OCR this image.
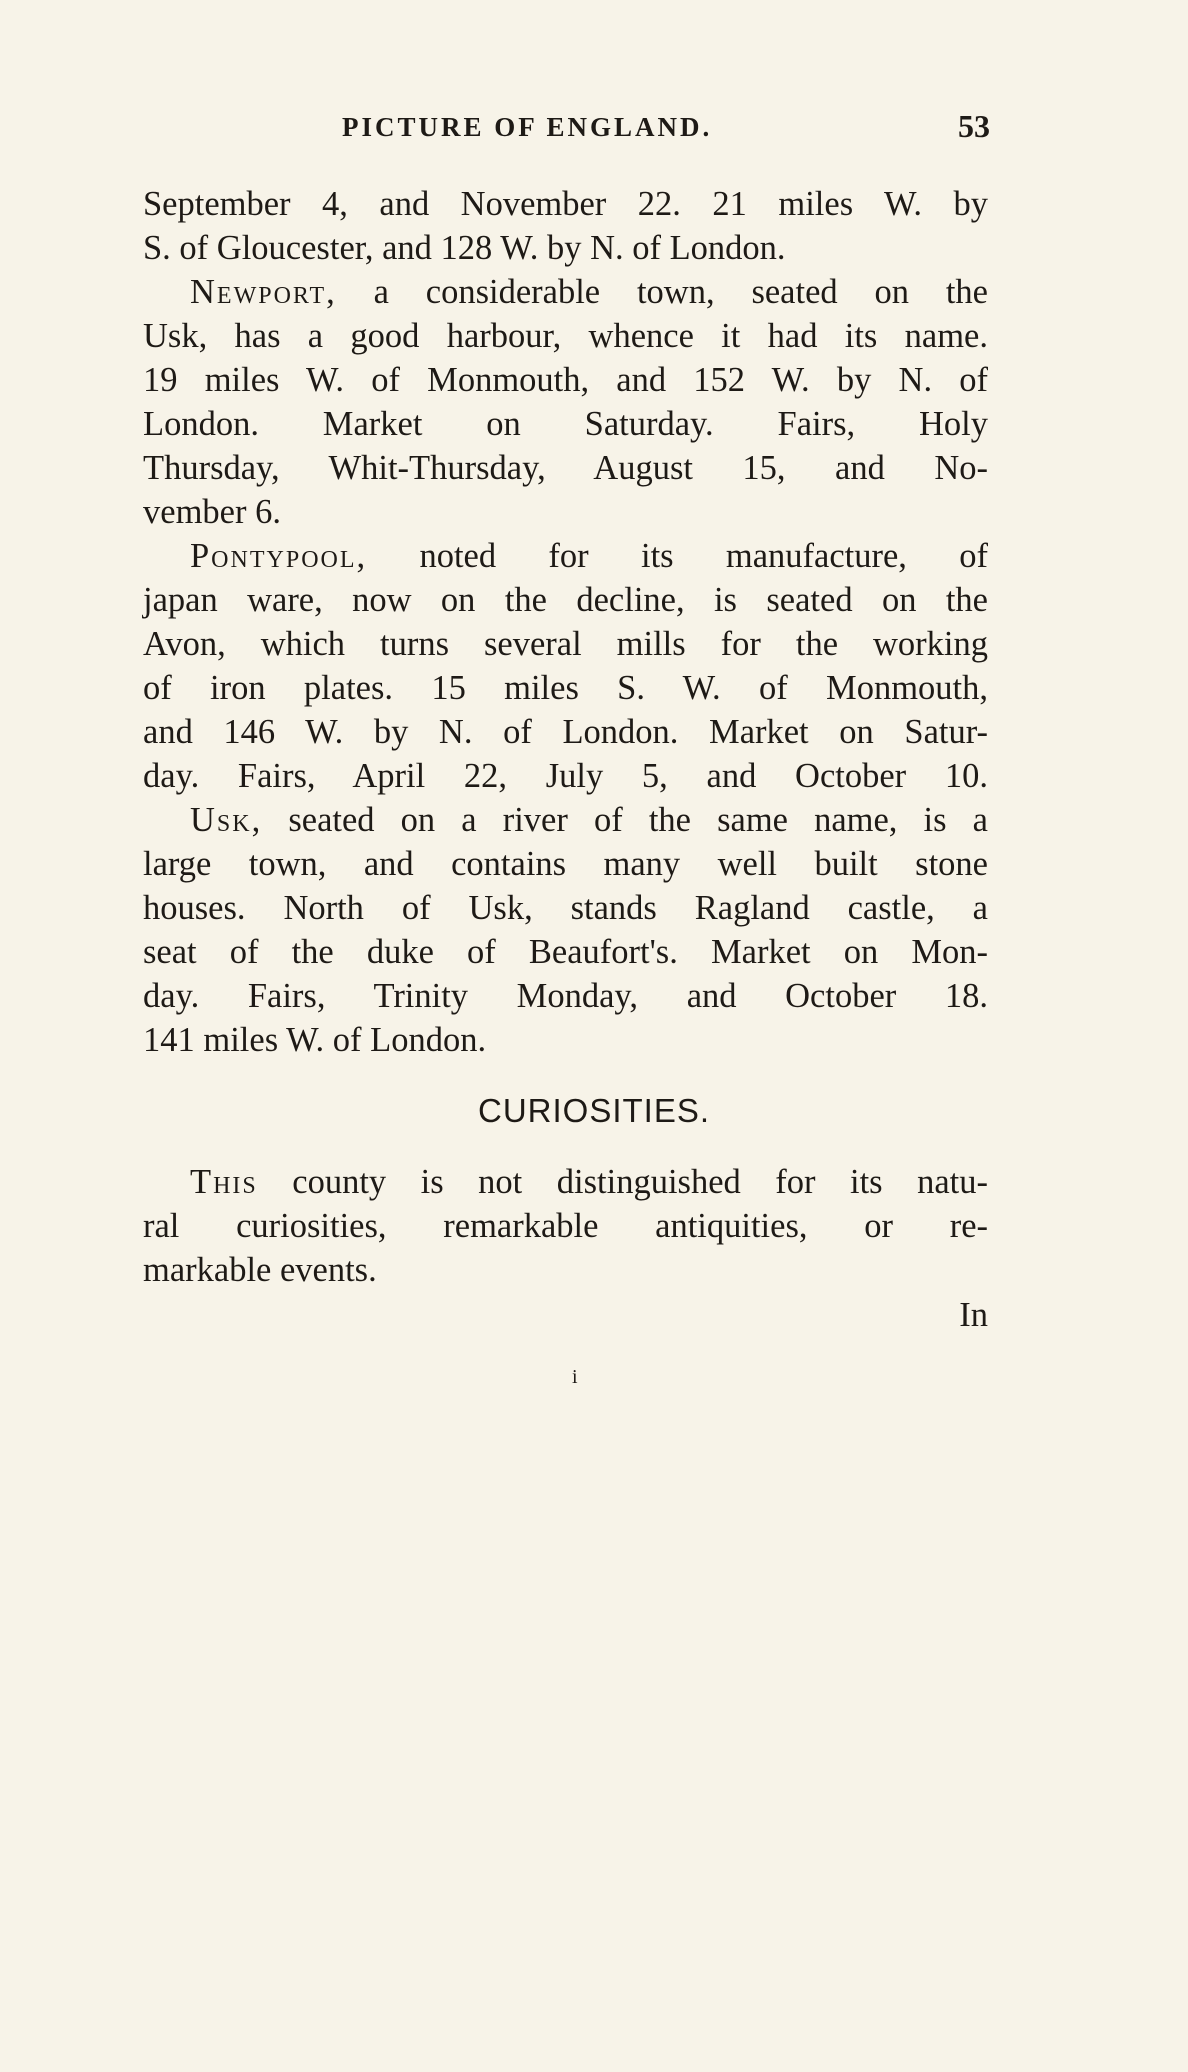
PICTURE OF ENGLAND.	53
September 4, and November 22. 21 miles W. by
S. of Gloucester, and 128 W. by N. of London.
Newport, a considerable town, seated on the
Usk, has a good harbour, whence it had its name.
19 miles W. of Monmouth, and 152 W. by N. of
London. Market on Saturday. Fairs, Holy
Thursday, Whit-Thursday, August 15, and No-
vember 6.
Pontypool, noted for its manufacture, of
japan ware, now on the decline, is seated on the
Avon, which turns several mills for the working
of iron plates. 15 miles S. W. of Monmouth,
and 146 W. by N. of London. Market on Satur-
day. Fairs, April 22, July 5, and October 10.
Usk, seated on a river of the same name, is a
large town, and contains many well built stone
houses. North of Usk, stands Ragland castle, a
CURIOSITIES.
In
i
seat of the duke of Beaufort's. Market on Mon-
day. Fairs, Trinity Monday, and October 18.
141 miles W. of London.
This county is not distinguished for its natu-
ral curiosities, remarkable antiquities, or re-
markable events.
